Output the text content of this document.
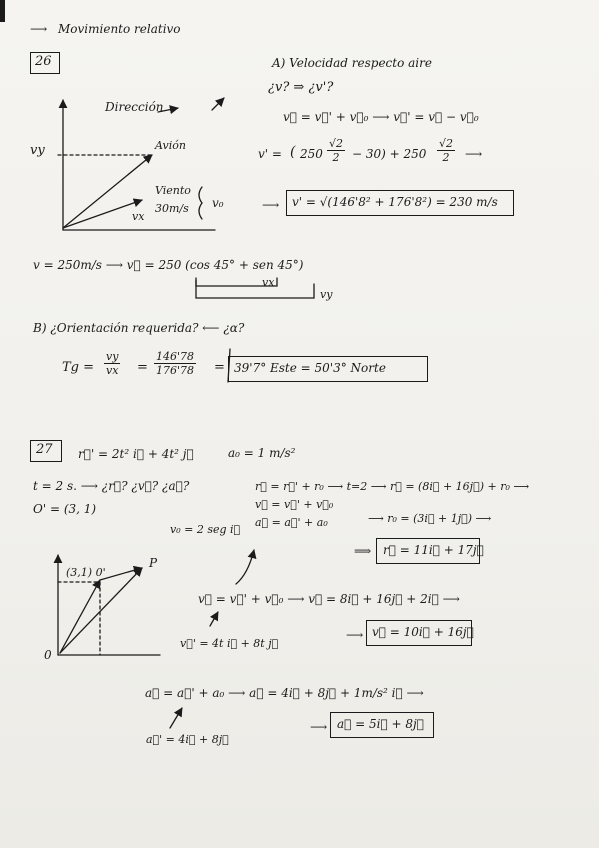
⟶ Movimiento relativo
26	A) Velocidad respecto aire
¿v? ⇒ ¿v'?
v⃗ = v⃗' + v⃗₀ ⟶ v⃗' = v⃗ − v⃗₀
Dirección
vy	Avión
Viento
30m/s
vx
v₀
v' = ( $250 \frac{√2}{2} - 30) + 250 \frac{√2}{2}$ ⟶
⟶ v' = √(146'8² + 176'8²) = 230 m/s
v = 250m/s ⟶ v⃗ = 250 (cos 45° + sen 45°)
vx
vy
B) ¿Orientación requerida? ⟵ ¿α?
$Tg = \frac{vy}{vx} = \frac{146'78}{176'78} = 39'7^\circ$ Este = 50'3° Norte
27 r⃗' = 2t² i⃗ + 4t² j⃗	a₀ = 1 m/s²
t = 2 s. ⟶ ¿r⃗? ¿v⃗? ¿a⃗?
O' = (3, 1)
r⃗ = r⃗' + r₀ ⟶ t=2 ⟶ r⃗ = (8i⃗ + 16j⃗) + r₀ ⟶
v⃗ = v⃗' + v⃗₀
v₀ = 2 seg i⃗
a⃗ = a⃗' + a₀	⟶ r₀ = (3i⃗ + 1j⃗) ⟶
⟹ r⃗ = 11i⃗ + 17j⃗
P
(3,1) 0'
0
v⃗ = v⃗' + v⃗₀ ⟶ v⃗ = 8i⃗ + 16j⃗ + 2i⃗ ⟶
v⃗' = 4t i⃗ + 8t j⃗
⟶ v⃗ = 10i⃗ + 16j⃗
a⃗ = a⃗' + a₀ ⟶ a⃗ = 4i⃗ + 8j⃗ + 1m/s² i⃗ ⟶
a⃗' = 4i⃗ + 8j⃗
⟶ a⃗ = 5i⃗ + 8j⃗
